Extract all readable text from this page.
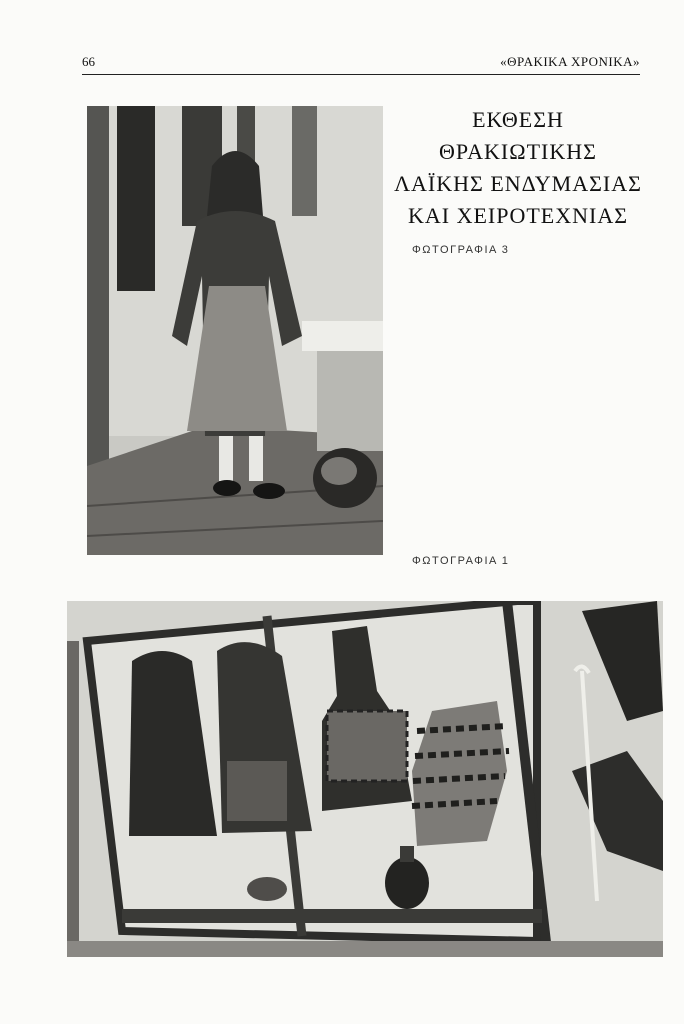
66	«ΘΡΑΚΙΚΑ ΧΡΟΝΙΚΑ»
ΕΚΘΕΣΗ ΘΡΑΚΙΩΤΙΚΗΣ
ΛΑΪΚΗΣ ΕΝΔΥΜΑΣΙΑΣ
ΚΑΙ ΧΕΙΡΟΤΕΧΝΙΑΣ
ΦΩΤΟΓΡΑΦΙΑ 3
ΦΩΤΟΓΡΑΦΙΑ 1
